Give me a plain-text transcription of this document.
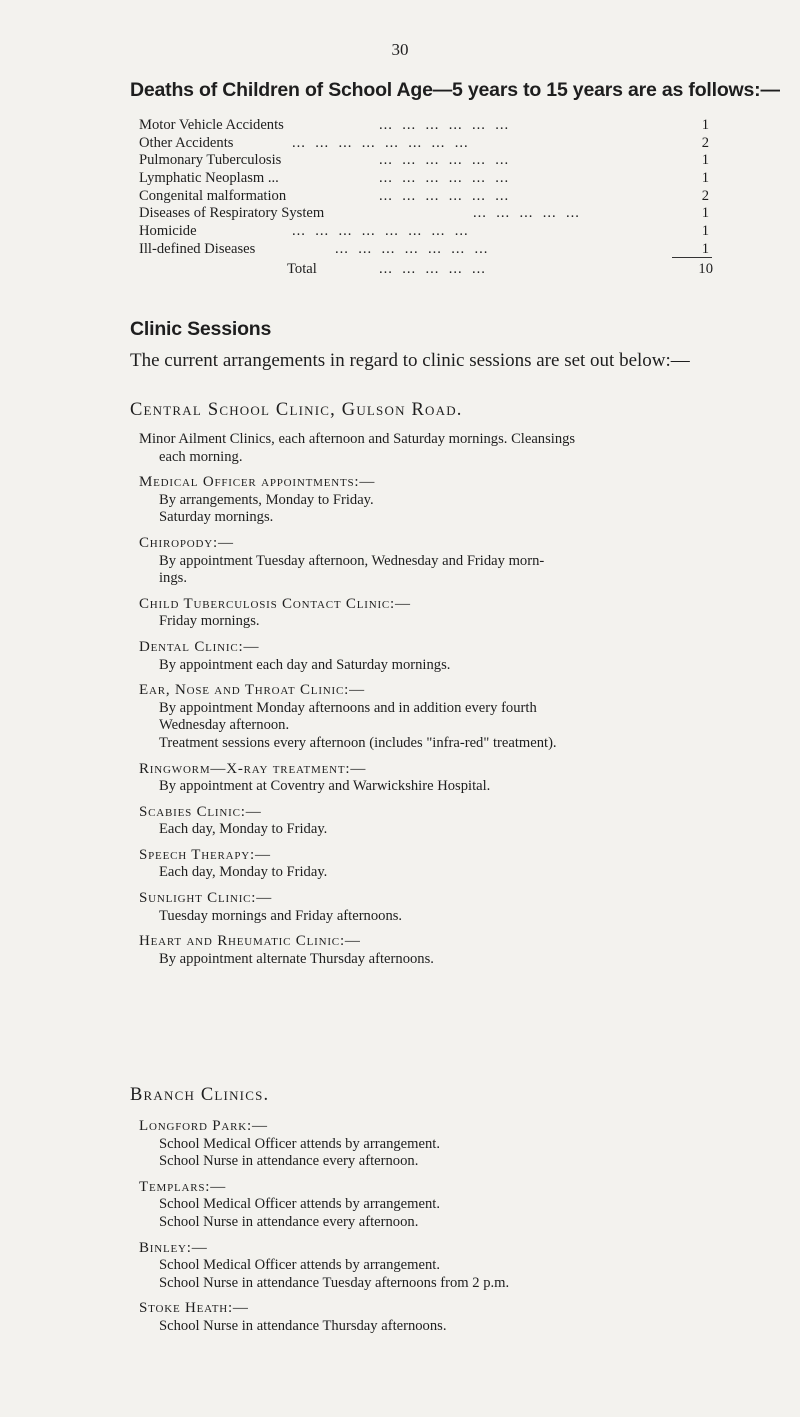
30
Deaths of Children of School Age—5 years to 15 years are as follows:—
Motor Vehicle Accidents	...  ...  ...  ...  ...  ...	1
Other Accidents	...  ...  ...  ...  ...  ...  ...  ...	2
Pulmonary Tuberculosis	...  ...  ...  ...  ...  ...	1
Lymphatic Neoplasm ...	...  ...  ...  ...  ...  ...	1
Congenital malformation	...  ...  ...  ...  ...  ...	2
Diseases of Respiratory System	...  ...  ...  ...  ...	1
Homicide	...  ...  ...  ...  ...  ...  ...  ...	1
Ill-defined Diseases	...  ...  ...  ...  ...  ...  ...	1
Total	...  ...  ...  ...  ...	10
Clinic Sessions
The current arrangements in regard to clinic sessions are set out below:—
Central School Clinic, Gulson Road.
Minor Ailment Clinics, each afternoon and Saturday mornings. Cleansings
each morning.
Medical Officer appointments:—
By arrangements, Monday to Friday.
Saturday mornings.
Chiropody:—
By appointment Tuesday afternoon, Wednesday and Friday morn-
ings.
Child Tuberculosis Contact Clinic:—
Friday mornings.
Dental Clinic:—
By appointment each day and Saturday mornings.
Ear, Nose and Throat Clinic:—
By appointment Monday afternoons and in addition every fourth
Wednesday afternoon.
Treatment sessions every afternoon (includes "infra-red" treatment).
Ringworm—X-ray treatment:—
By appointment at Coventry and Warwickshire Hospital.
Scabies Clinic:—
Each day, Monday to Friday.
Speech Therapy:—
Each day, Monday to Friday.
Sunlight Clinic:—
Tuesday mornings and Friday afternoons.
Heart and Rheumatic Clinic:—
By appointment alternate Thursday afternoons.
Branch Clinics.
Longford Park:—
School Medical Officer attends by arrangement.
School Nurse in attendance every afternoon.
Templars:—
School Medical Officer attends by arrangement.
School Nurse in attendance every afternoon.
Binley:—
School Medical Officer attends by arrangement.
School Nurse in attendance Tuesday afternoons from 2 p.m.
Stoke Heath:—
School Nurse in attendance Thursday afternoons.
